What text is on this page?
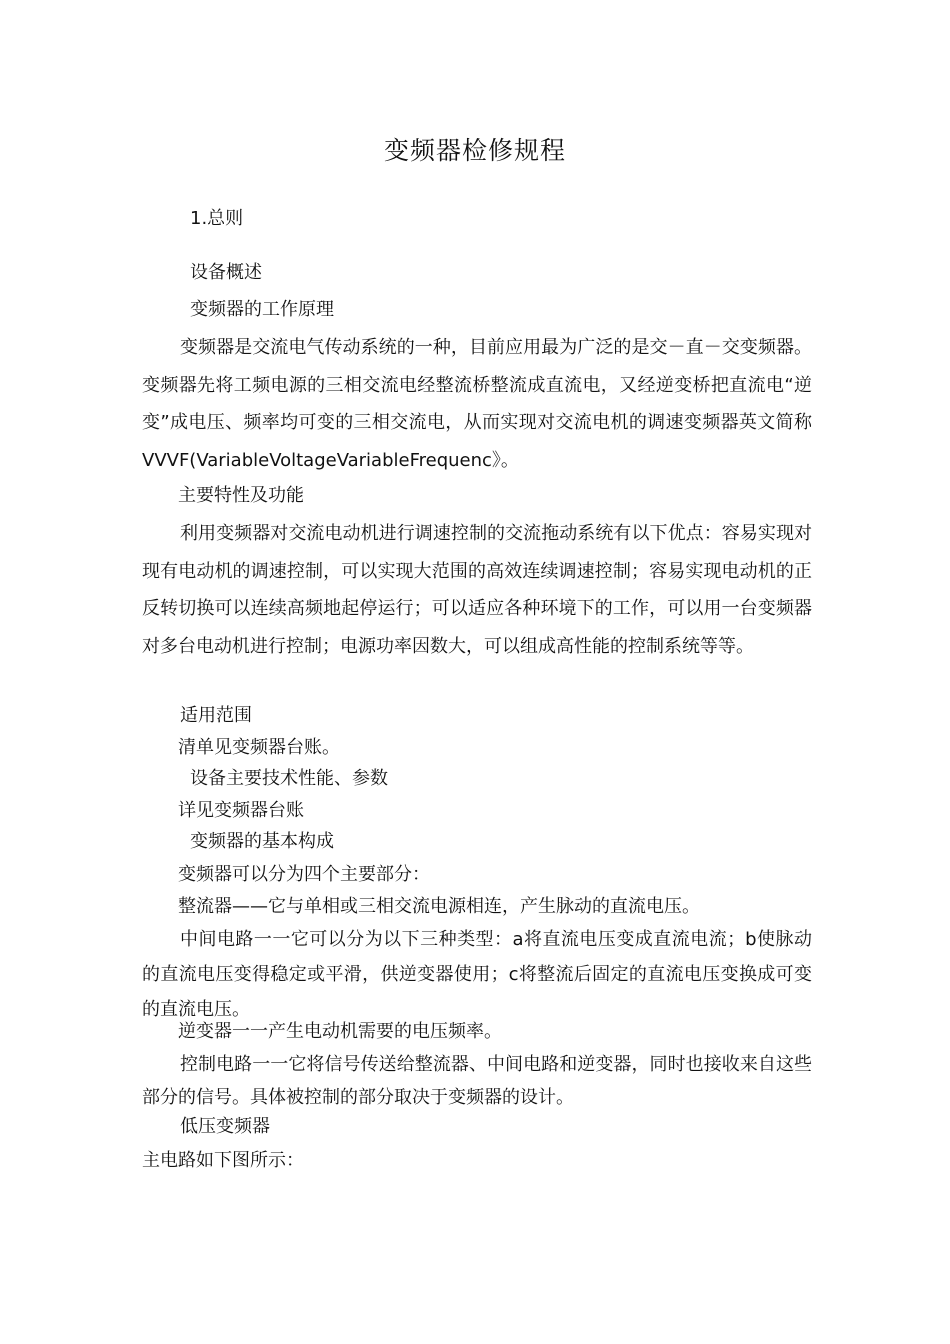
变频器检修规程
1.总则
设备概述
变频器的工作原理

变频器是交流电气传动系统的一种，目前应用最为广泛的是交－直－交变频器。变频器先将工频电源的三相交流电经整流桥整流成直流电，又经逆变桥把直流电“逆变”成电压、频率均可变的三相交流电，从而实现对交流电机的调速变频器英文简称VVVF(VariableVoltageVariableFrequenc》。

主要特性及功能

利用变频器对交流电动机进行调速控制的交流拖动系统有以下优点：容易实现对现有电动机的调速控制，可以实现大范围的高效连续调速控制；容易实现电动机的正反转切换可以连续高频地起停运行；可以适应各种环境下的工作，可以用一台变频器对多台电动机进行控制；电源功率因数大，可以组成高性能的控制系统等等。

适用范围
清单见变频器台账。
设备主要技术性能、参数
详见变频器台账
变频器的基本构成
变频器可以分为四个主要部分：
整流器——它与单相或三相交流电源相连，产生脉动的直流电压。

中间电路一一它可以分为以下三种类型：a将直流电压变成直流电流；b使脉动的直流电压变得稳定或平滑，供逆变器使用；c将整流后固定的直流电压变换成可变的直流电压。

逆变器一一产生电动机需要的电压频率。

控制电路一一它将信号传送给整流器、中间电路和逆变器，同时也接收来自这些部分的信号。具体被控制的部分取决于变频器的设计。

低压变频器
主电路如下图所示：
